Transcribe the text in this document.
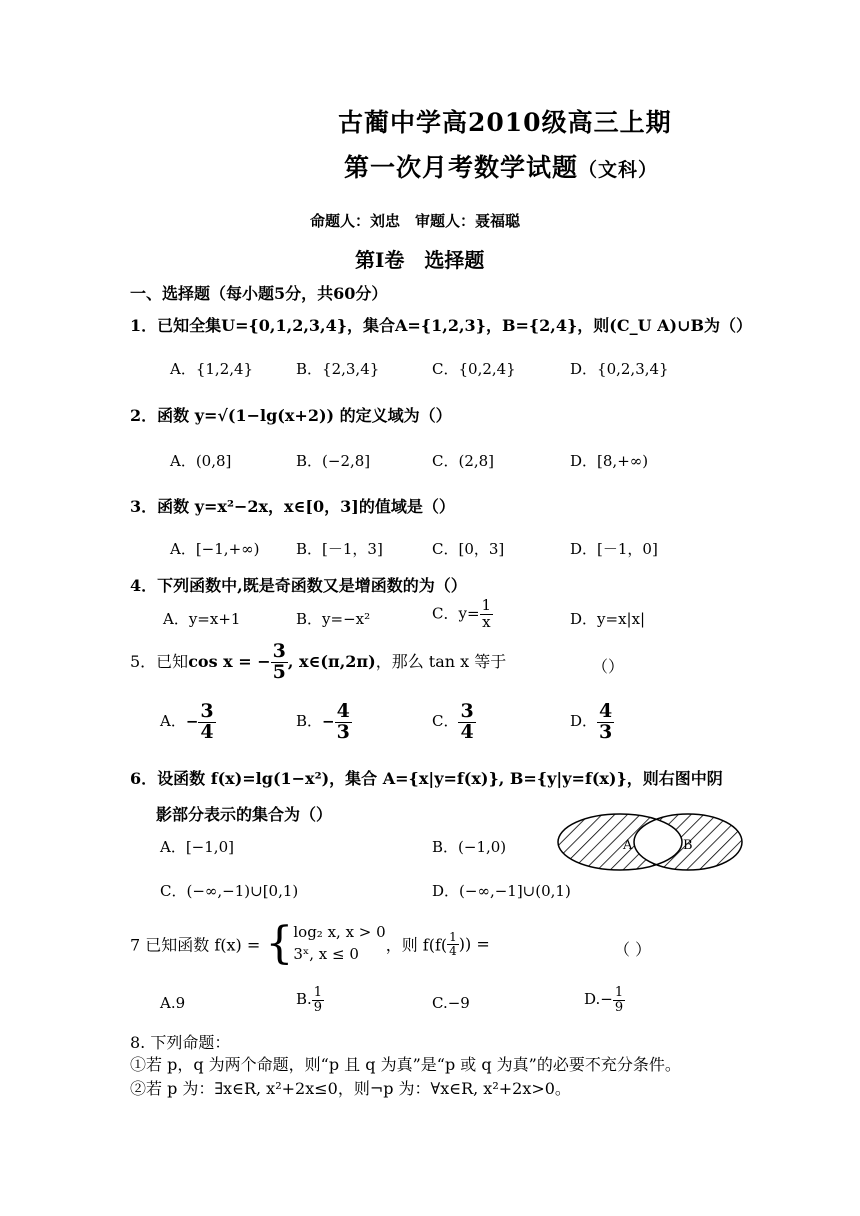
古蔺中学高2010级高三上期
第一次月考数学试题（文科）
命题人：刘忠　审题人：聂福聪
第Ⅰ卷　选择题
一、选择题（每小题5分，共60分）
1．已知全集U={0,1,2,3,4}，集合A={1,2,3}，B={2,4}，则(C_U A)∪B为（）
A．{1,2,4}	B．{2,3,4}	C．{0,2,4}	D．{0,2,3,4}
2．函数 y=√(1−lg(x+2)) 的定义域为（）
A．(0,8]	B．(−2,8]	C．(2,8]	D．[8,+∞)
3．函数 y=x²−2x，x∈[0，3]的值域是（）
A．[−1,+∞) B．[－1，3]	C．[0，3]	D．[－1，0]
4．下列函数中,既是奇函数又是增函数的为（）
A．y=x+1	B．y=−x²	C．$y= \frac{1}{x}$	D．y=x|x|
5．已知cos x = − $\frac{3}{5}$ , x∈(π,2π)，那么 tan x 等于	（）
A．− $\frac{3}{4}$	B．− $\frac{4}{3}$	C． $\frac{3}{4}$	D． $\frac{4}{3}$
6．设函数 f(x)=lg(1−x²)，集合 A={x|y=f(x)}, B={y|y=f(x)}，则右图中阴
影部分表示的集合为（）
A．[−1,0]	B．(−1,0)
C．(−∞,−1)∪[0,1)	D．(−∞,−1]∪(0,1)
A	B
7 已知函数 f(x) = { log₂ x, x > 0
3ˣ, x ≤ 0	，则 $f(f( \frac{1}{4}$ )) =	（ ）
A.9	B. $\frac{1}{9}$	C.−9	$D.- \frac{1}{9}$
8. 下列命题：
①若 p，q 为两个命题，则“p 且 q 为真”是“p 或 q 为真”的必要不充分条件。
②若 p 为：∃x∈R, x²+2x≤0，则¬p 为：∀x∈R, x²+2x>0。
